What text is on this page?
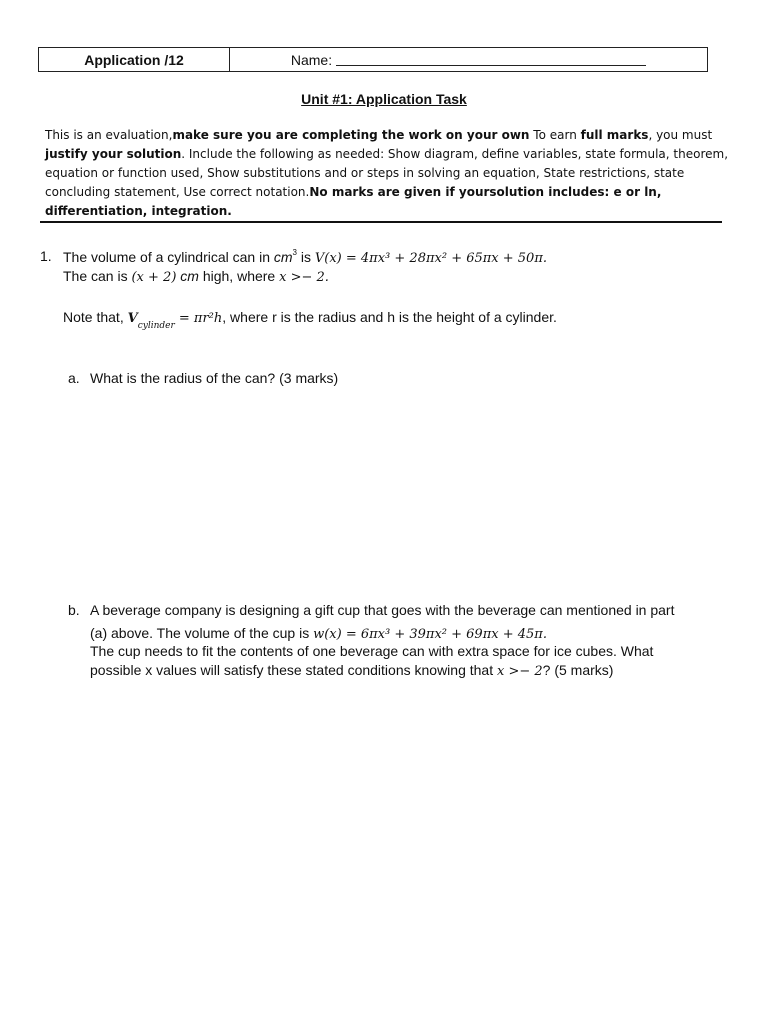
Application /12	Name:
Unit #1: Application Task
This is an evaluation,make sure you are completing the work on your own To earn full marks, you must justify your solution. Include the following as needed: Show diagram, define variables, state formula, theorem, equation or function used, Show substitutions and or steps in solving an equation, State restrictions, state concluding statement, Use correct notation.No marks are given if yoursolution includes: e or ln, differentiation, integration.
1. The volume of a cylindrical can in $cm^3$ is V(x) = 4πx³ + 28πx² + 65πx + 50π.
The can is (x + 2) cm high, where x >− 2.
Note that, $V_{cylinder} = \pi r^2h$, where r is the radius and h is the height of a cylinder.
a. What is the radius of the can? (3 marks)
b. A beverage company is designing a gift cup that goes with the beverage can mentioned in part
(a) above. The volume of the cup is w(x) = 6πx³ + 39πx² + 69πx + 45π.
The cup needs to fit the contents of one beverage can with extra space for ice cubes. What
possible x values will satisfy these stated conditions knowing that x >− 2? (5 marks)
